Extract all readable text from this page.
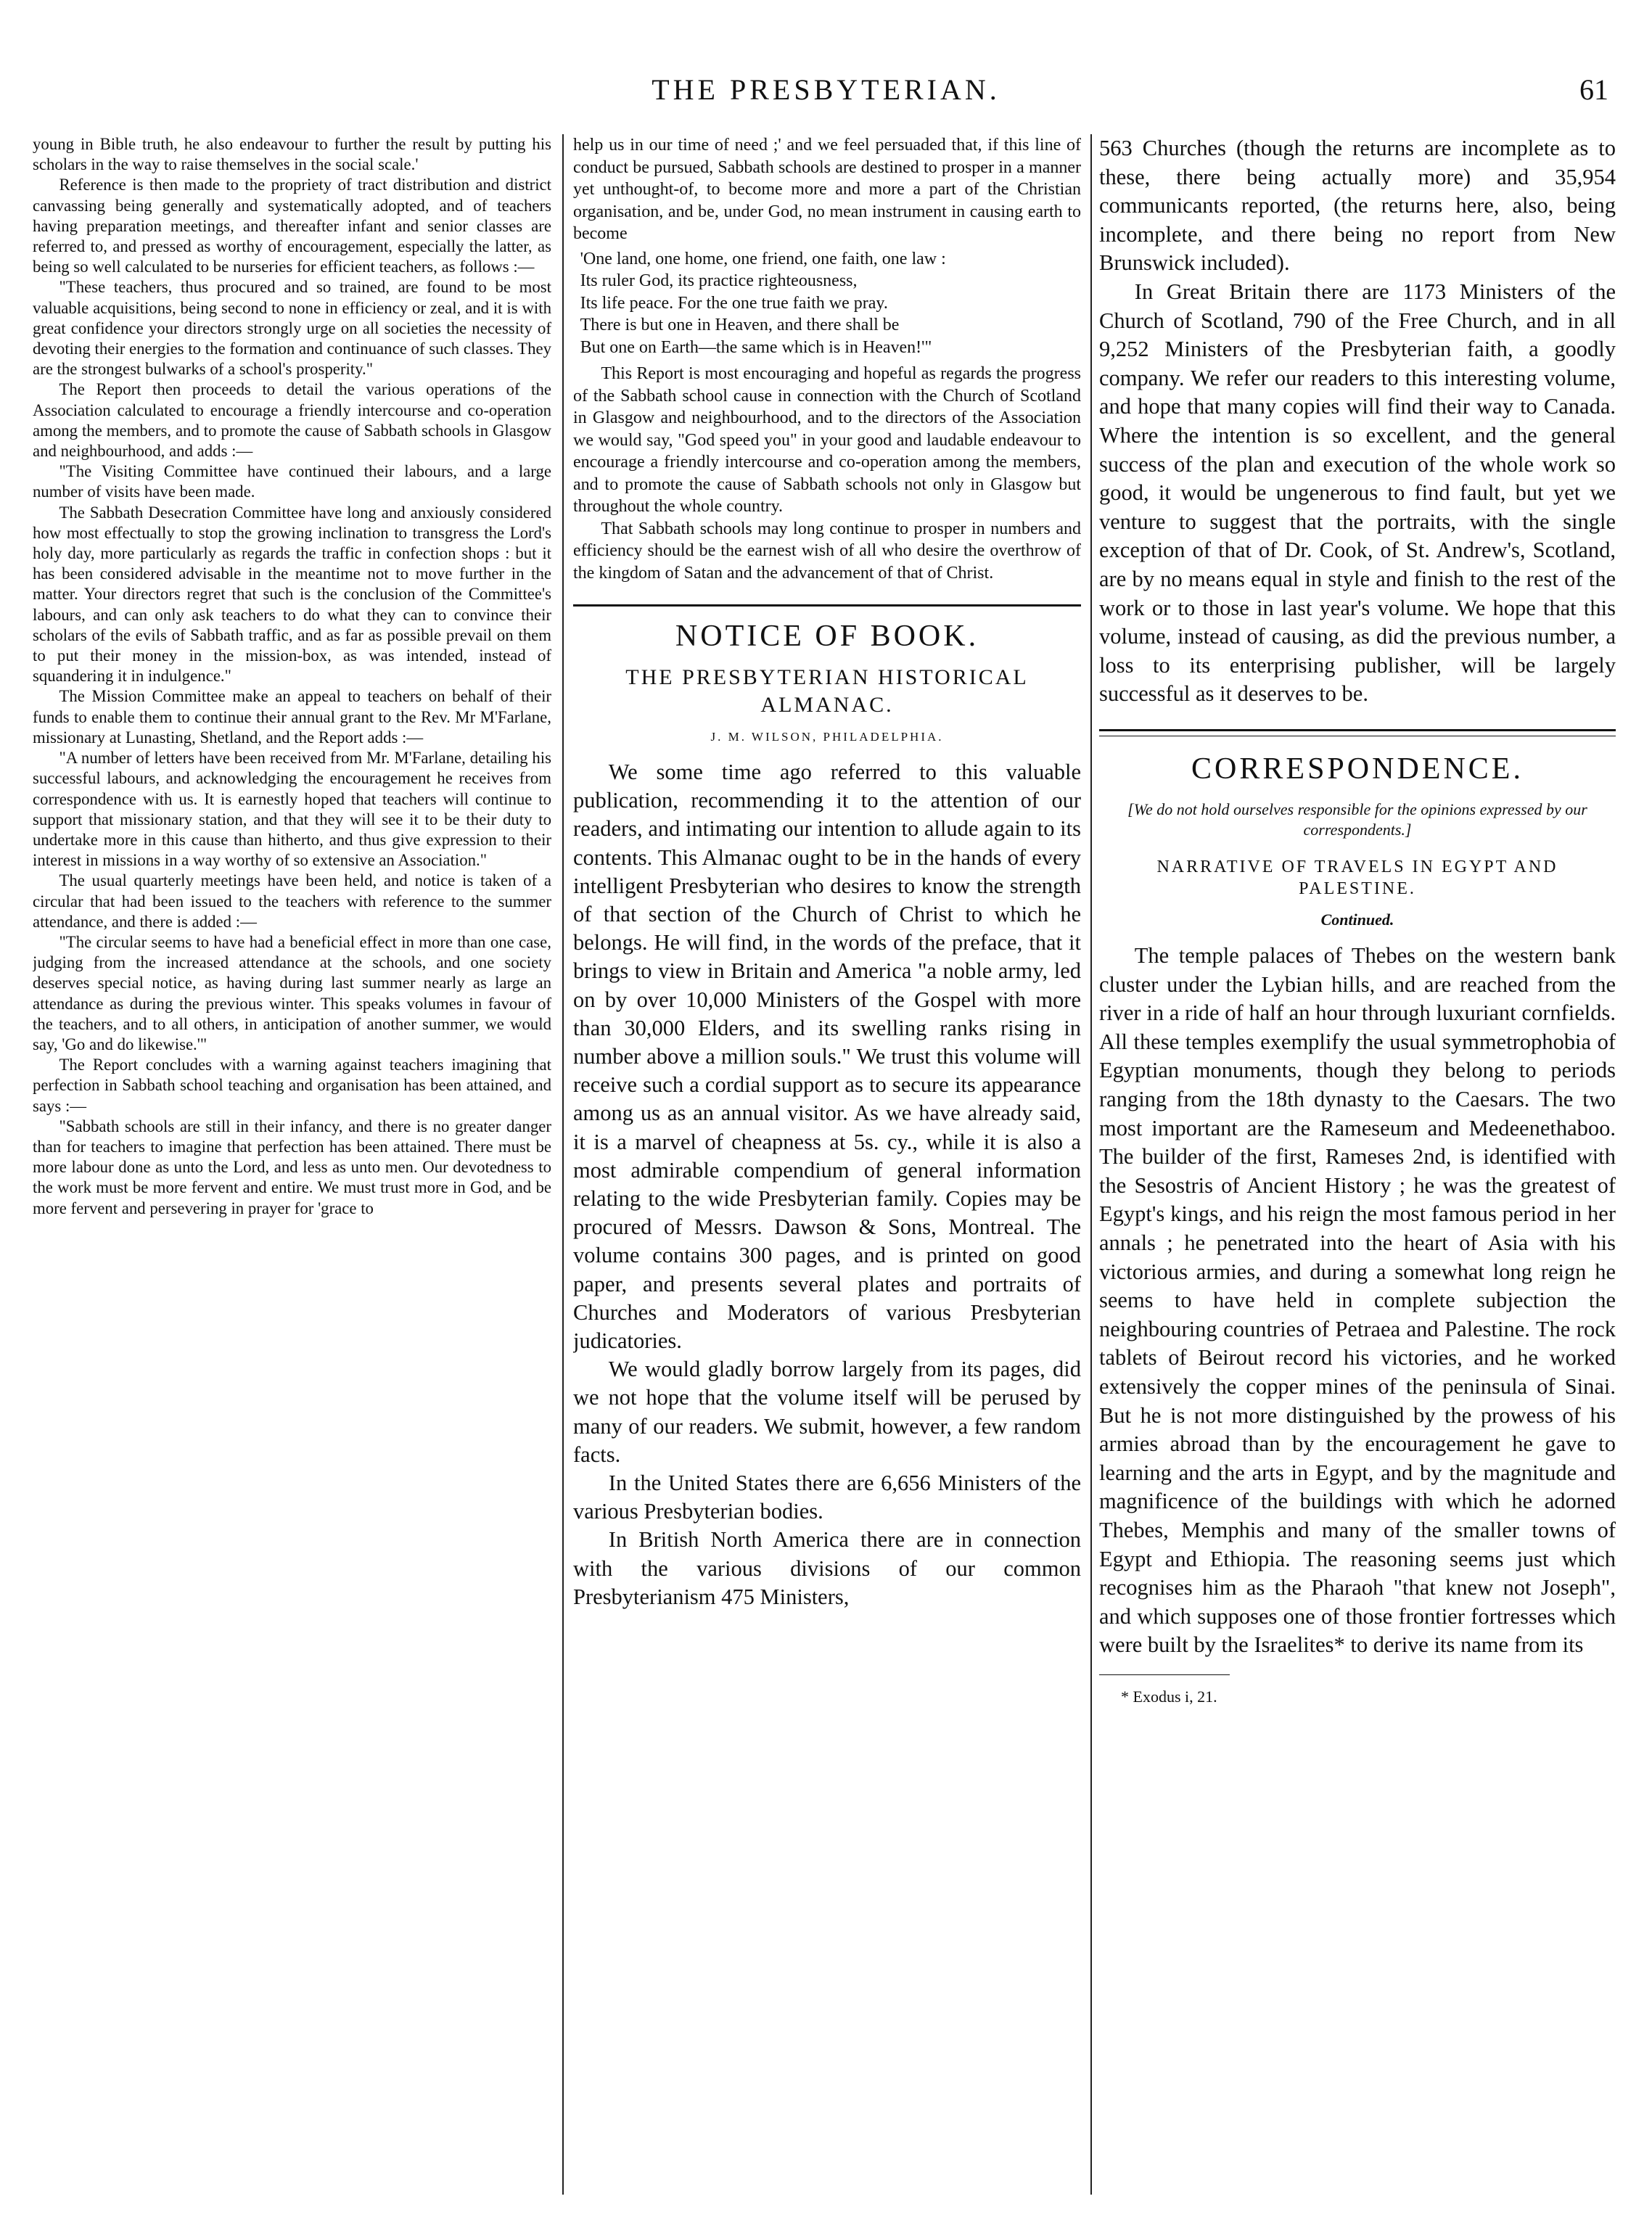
THE PRESBYTERIAN.	61

young in Bible truth, he also endeavour to further the result by putting his scholars in the way to raise themselves in the social scale.'

Reference is then made to the propriety of tract distribution and district canvassing being generally and systematically adopted, and of teachers having preparation meetings, and thereafter infant and senior classes are referred to, and pressed as worthy of encouragement, especially the latter, as being so well calculated to be nurseries for efficient teachers, as follows :—

"These teachers, thus procured and so trained, are found to be most valuable acquisitions, being second to none in efficiency or zeal, and it is with great confidence your directors strongly urge on all societies the necessity of devoting their energies to the formation and continuance of such classes. They are the strongest bulwarks of a school's prosperity."

The Report then proceeds to detail the various operations of the Association calculated to encourage a friendly intercourse and co-operation among the members, and to promote the cause of Sabbath schools in Glasgow and neighbourhood, and adds :—

"The Visiting Committee have continued their labours, and a large number of visits have been made.

The Sabbath Desecration Committee have long and anxiously considered how most effectually to stop the growing inclination to transgress the Lord's holy day, more particularly as regards the traffic in confection shops : but it has been considered advisable in the meantime not to move further in the matter. Your directors regret that such is the conclusion of the Committee's labours, and can only ask teachers to do what they can to convince their scholars of the evils of Sabbath traffic, and as far as possible prevail on them to put their money in the mission-box, as was intended, instead of squandering it in indulgence."

The Mission Committee make an appeal to teachers on behalf of their funds to enable them to continue their annual grant to the Rev. Mr M'Farlane, missionary at Lunasting, Shetland, and the Report adds :—

"A number of letters have been received from Mr. M'Farlane, detailing his successful labours, and acknowledging the encouragement he receives from correspondence with us. It is earnestly hoped that teachers will continue to support that missionary station, and that they will see it to be their duty to undertake more in this cause than hitherto, and thus give expression to their interest in missions in a way worthy of so extensive an Association."

The usual quarterly meetings have been held, and notice is taken of a circular that had been issued to the teachers with reference to the summer attendance, and there is added :—

"The circular seems to have had a beneficial effect in more than one case, judging from the increased attendance at the schools, and one society deserves special notice, as having during last summer nearly as large an attendance as during the previous winter. This speaks volumes in favour of the teachers, and to all others, in anticipation of another summer, we would say, 'Go and do likewise.'"

The Report concludes with a warning against teachers imagining that perfection in Sabbath school teaching and organisation has been attained, and says :—

"Sabbath schools are still in their infancy, and there is no greater danger than for teachers to imagine that perfection has been attained. There must be more labour done as unto the Lord, and less as unto men. Our devotedness to the work must be more fervent and entire. We must trust more in God, and be more fervent and persevering in prayer for 'grace to

help us in our time of need ;' and we feel persuaded that, if this line of conduct be pursued, Sabbath schools are destined to prosper in a manner yet unthought-of, to become more and more a part of the Christian organisation, and be, under God, no mean instrument in causing earth to become

'One land, one home, one friend, one faith, one law :

Its ruler God, its practice righteousness,

Its life peace. For the one true faith we pray.

There is but one in Heaven, and there shall be

But one on Earth—the same which is in Heaven!'"

This Report is most encouraging and hopeful as regards the progress of the Sabbath school cause in connection with the Church of Scotland in Glasgow and neighbourhood, and to the directors of the Association we would say, "God speed you" in your good and laudable endeavour to encourage a friendly intercourse and co-operation among the members, and to promote the cause of Sabbath schools not only in Glasgow but throughout the whole country.

That Sabbath schools may long continue to prosper in numbers and efficiency should be the earnest wish of all who desire the overthrow of the kingdom of Satan and the advancement of that of Christ.

NOTICE OF BOOK.
THE PRESBYTERIAN HISTORICAL ALMANAC.
J. M. WILSON, PHILADELPHIA.

We some time ago referred to this valuable publication, recommending it to the attention of our readers, and intimating our intention to allude again to its contents. This Almanac ought to be in the hands of every intelligent Presbyterian who desires to know the strength of that section of the Church of Christ to which he belongs. He will find, in the words of the preface, that it brings to view in Britain and America "a noble army, led on by over 10,000 Ministers of the Gospel with more than 30,000 Elders, and its swelling ranks rising in number above a million souls." We trust this volume will receive such a cordial support as to secure its appearance among us as an annual visitor. As we have already said, it is a marvel of cheapness at 5s. cy., while it is also a most admirable compendium of general information relating to the wide Presbyterian family. Copies may be procured of Messrs. Dawson & Sons, Montreal. The volume contains 300 pages, and is printed on good paper, and presents several plates and portraits of Churches and Moderators of various Presbyterian judicatories.

We would gladly borrow largely from its pages, did we not hope that the volume itself will be perused by many of our readers. We submit, however, a few random facts.

In the United States there are 6,656 Ministers of the various Presbyterian bodies.

In British North America there are in connection with the various divisions of our common Presbyterianism 475 Ministers,

563 Churches (though the returns are incomplete as to these, there being actually more) and 35,954 communicants reported, (the returns here, also, being incomplete, and there being no report from New Brunswick included).

In Great Britain there are 1173 Ministers of the Church of Scotland, 790 of the Free Church, and in all 9,252 Ministers of the Presbyterian faith, a goodly company. We refer our readers to this interesting volume, and hope that many copies will find their way to Canada. Where the intention is so excellent, and the general success of the plan and execution of the whole work so good, it would be ungenerous to find fault, but yet we venture to suggest that the portraits, with the single exception of that of Dr. Cook, of St. Andrew's, Scotland, are by no means equal in style and finish to the rest of the work or to those in last year's volume. We hope that this volume, instead of causing, as did the previous number, a loss to its enterprising publisher, will be largely successful as it deserves to be.

CORRESPONDENCE.
[We do not hold ourselves responsible for the opinions expressed by our correspondents.]
NARRATIVE OF TRAVELS IN EGYPT AND PALESTINE.
Continued.

The temple palaces of Thebes on the western bank cluster under the Lybian hills, and are reached from the river in a ride of half an hour through luxuriant cornfields. All these temples exemplify the usual symmetrophobia of Egyptian monuments, though they belong to periods ranging from the 18th dynasty to the Caesars. The two most important are the Rameseum and Medeenethaboo. The builder of the first, Rameses 2nd, is identified with the Sesostris of Ancient History ; he was the greatest of Egypt's kings, and his reign the most famous period in her annals ; he penetrated into the heart of Asia with his victorious armies, and during a somewhat long reign he seems to have held in complete subjection the neighbouring countries of Petraea and Palestine. The rock tablets of Beirout record his victories, and he worked extensively the copper mines of the peninsula of Sinai. But he is not more distinguished by the prowess of his armies abroad than by the encouragement he gave to learning and the arts in Egypt, and by the magnitude and magnificence of the buildings with which he adorned Thebes, Memphis and many of the smaller towns of Egypt and Ethiopia. The reasoning seems just which recognises him as the Pharaoh "that knew not Joseph", and which supposes one of those frontier fortresses which were built by the Israelites* to derive its name from its

* Exodus i, 21.
